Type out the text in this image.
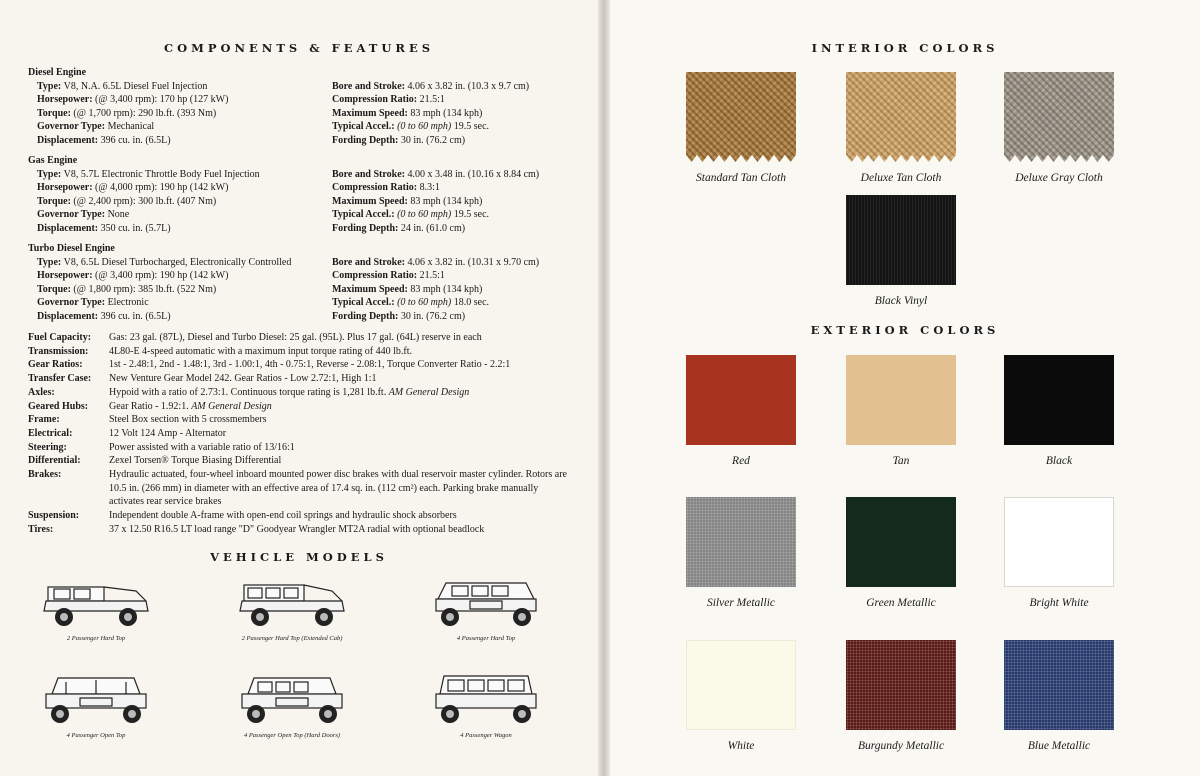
COMPONENTS & FEATURES
Diesel Engine
Type: V8, N.A. 6.5L Diesel Fuel Injection	Bore and Stroke: 4.06 x 3.82 in. (10.3 x 9.7 cm)
Horsepower: (@ 3,400 rpm): 170 hp (127 kW)	Compression Ratio: 21.5:1
Torque: (@ 1,700 rpm): 290 lb.ft. (393 Nm)	Maximum Speed: 83 mph (134 kph)
Governor Type: Mechanical	Typical Accel.: (0 to 60 mph) 19.5 sec.
Displacement: 396 cu. in. (6.5L)	Fording Depth: 30 in. (76.2 cm)
Gas Engine
Type: V8, 5.7L Electronic Throttle Body Fuel Injection	Bore and Stroke: 4.00 x 3.48 in. (10.16 x 8.84 cm)
Horsepower: (@ 4,000 rpm): 190 hp (142 kW)	Compression Ratio: 8.3:1
Torque: (@ 2,400 rpm): 300 lb.ft. (407 Nm)	Maximum Speed: 83 mph (134 kph)
Governor Type: None	Typical Accel.: (0 to 60 mph) 19.5 sec.
Displacement: 350 cu. in. (5.7L)	Fording Depth: 24 in. (61.0 cm)
Turbo Diesel Engine
Type: V8, 6.5L Diesel Turbocharged, Electronically Controlled	Bore and Stroke: 4.06 x 3.82 in. (10.31 x 9.70 cm)
Horsepower: (@ 3,400 rpm): 190 hp (142 kW)	Compression Ratio: 21.5:1
Torque: (@ 1,800 rpm): 385 lb.ft. (522 Nm)	Maximum Speed: 83 mph (134 kph)
Governor Type: Electronic	Typical Accel.: (0 to 60 mph) 18.0 sec.
Displacement: 396 cu. in. (6.5L)	Fording Depth: 30 in. (76.2 cm)
Fuel Capacity:	Gas: 23 gal. (87L), Diesel and Turbo Diesel: 25 gal. (95L). Plus 17 gal. (64L) reserve in each
Transmission:	4L80-E 4-speed automatic with a maximum input torque rating of 440 lb.ft.
Gear Ratios:	1st - 2.48:1, 2nd - 1.48:1, 3rd - 1.00:1, 4th - 0.75:1, Reverse - 2.08:1, Torque Converter Ratio - 2.2:1
Transfer Case:	New Venture Gear Model 242. Gear Ratios - Low 2.72:1, High 1:1
Axles:	Hypoid with a ratio of 2.73:1. Continuous torque rating is 1,281 lb.ft. AM General Design
Geared Hubs:	Gear Ratio - 1.92:1. AM General Design
Frame:	Steel Box section with 5 crossmembers
Electrical:	12 Volt 124 Amp - Alternator
Steering:	Power assisted with a variable ratio of 13/16:1
Differential:	Zexel Torsen® Torque Biasing Differential
Brakes:	Hydraulic actuated, four-wheel inboard mounted power disc brakes with dual reservoir master cylinder. Rotors are 10.5 in. (266 mm) in diameter with an effective area of 17.4 sq. in. (112 cm²) each. Parking brake manually activates rear service brakes
Suspension:	Independent double A-frame with open-end coil springs and hydraulic shock absorbers
Tires:	37 x 12.50 R16.5 LT load range "D" Goodyear Wrangler MT2A radial with optional beadlock
VEHICLE MODELS
2 Passenger Hard Top	2 Passenger Hard Top (Extended Cab)	4 Passenger Hard Top
4 Passenger Open Top	4 Passenger Open Top (Hard Doors)	4 Passenger Wagon
INTERIOR COLORS
Standard Tan Cloth	Deluxe Tan Cloth	Deluxe Gray Cloth
Black Vinyl
EXTERIOR COLORS
Red	Tan	Black
Silver Metallic	Green Metallic	Bright White
White	Burgundy Metallic	Blue Metallic
